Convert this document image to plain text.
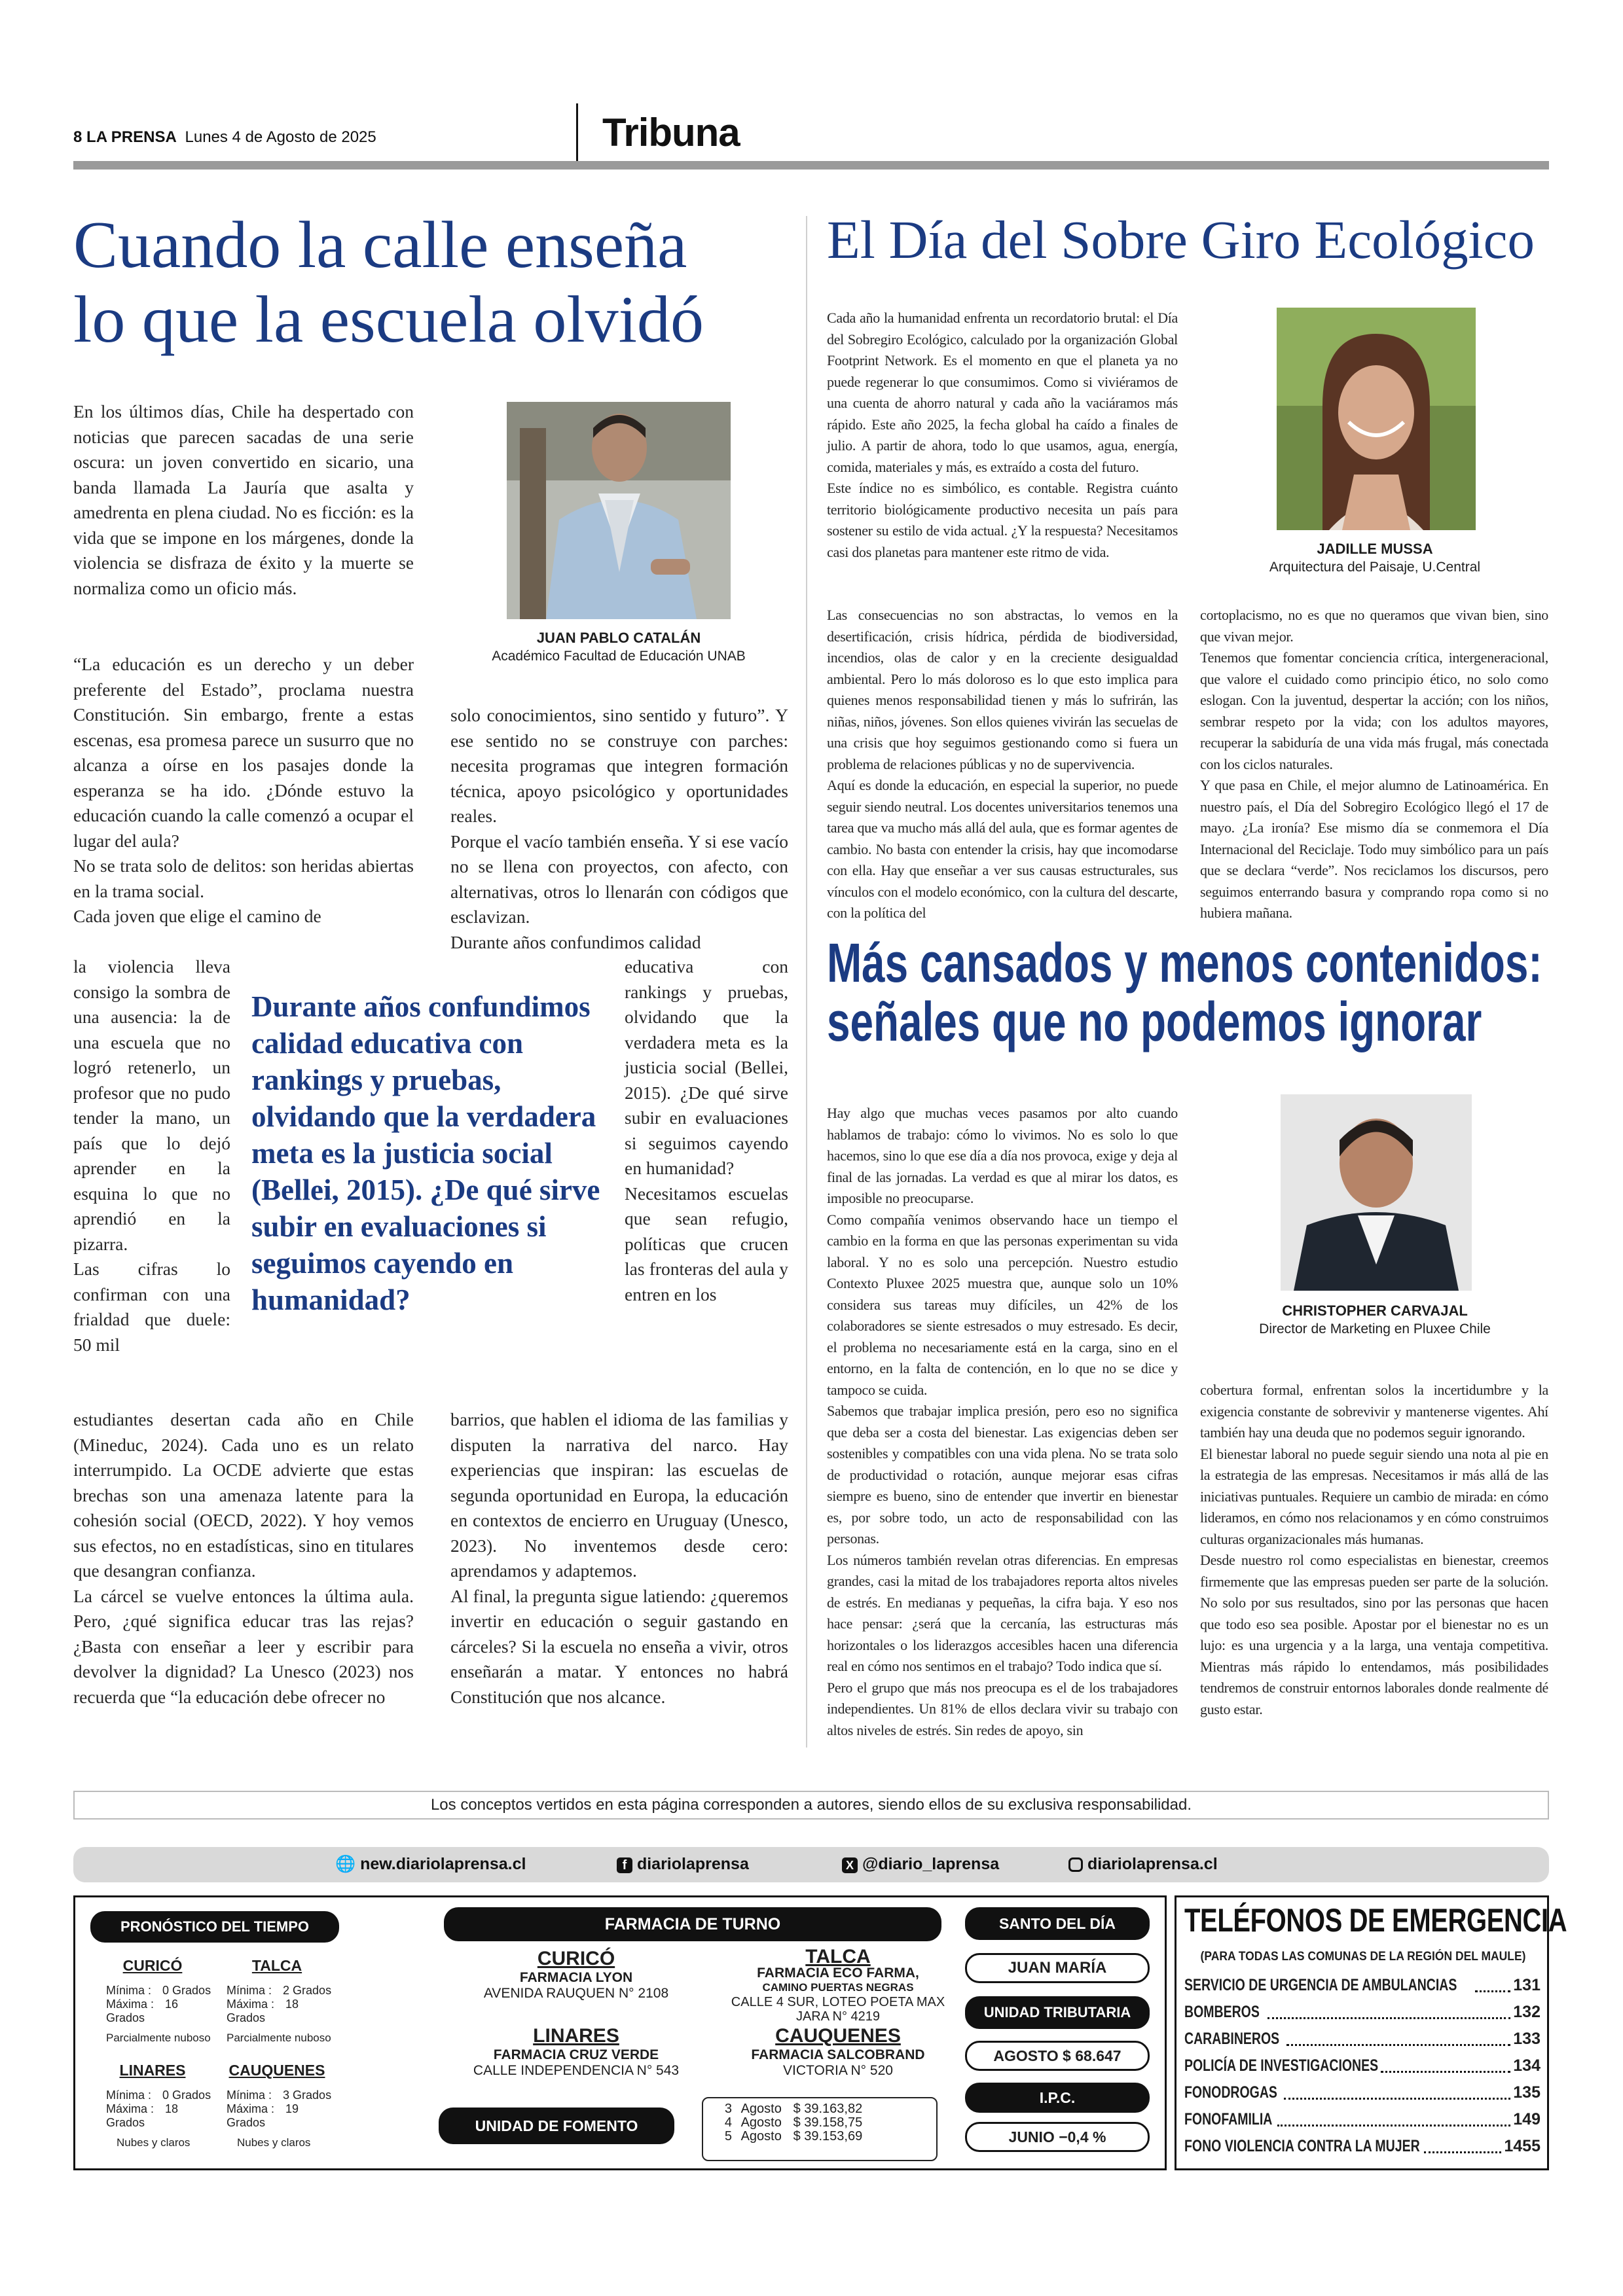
8 LA PRENSA Lunes 4 de Agosto de 2025	Tribuna
Cuando la calle enseña
lo que la escuela olvidó
JUAN PABLO CATALÁN
Académico Facultad de Educación UNAB

En los últimos días, Chile ha despertado con noticias que parecen sacadas de una serie oscura: un joven convertido en sicario, una banda llamada La Jauría que asalta y amedrenta en plena ciudad. No es ficción: es la vida que se impone en los márgenes, donde la violencia se disfraza de éxito y la muerte se normaliza como un oficio más.

“La educación es un derecho y un deber preferente del Estado”, proclama nuestra Constitución. Sin embargo, frente a estas escenas, esa promesa parece un susurro que no alcanza a oírse en los pasajes donde la esperanza se ha ido. ¿Dónde estuvo la educación cuando la calle comenzó a ocupar el lugar del aula?

No se trata solo de delitos: son heridas abiertas en la trama social.

Cada joven que elige el camino de

la violencia lleva consigo la sombra de una ausencia: la de una escuela que no logró retenerlo, un profesor que no pudo tender la mano, un país que lo dejó aprender en la esquina lo que no aprendió en la pizarra.

Las cifras lo confirman con una frialdad que duele: 50 mil

estudiantes desertan cada año en Chile (Mineduc, 2024). Cada uno es un relato interrumpido. La OCDE advierte que estas brechas son una amenaza latente para la cohesión social (OECD, 2022). Y hoy vemos sus efectos, no en estadísticas, sino en titulares que desangran confianza.

La cárcel se vuelve entonces la última aula. Pero, ¿qué significa educar tras las rejas? ¿Basta con enseñar a leer y escribir para devolver la dignidad? La Unesco (2023) nos recuerda que “la educación debe ofrecer no

solo conocimientos, sino sentido y futuro”. Y ese sentido no se construye con parches: necesita programas que integren formación técnica, apoyo psicológico y oportunidades reales.

Porque el vacío también enseña. Y si ese vacío no se llena con proyectos, con afecto, con alternativas, otros lo llenarán con códigos que esclavizan.

Durante años confundimos calidad

educativa con rankings y pruebas, olvidando que la verdadera meta es la justicia social (Bellei, 2015). ¿De qué sirve subir en evaluaciones si seguimos cayendo en humanidad?

Necesitamos escuelas que sean refugio, políticas que crucen las fronteras del aula y entren en los

barrios, que hablen el idioma de las familias y disputen la narrativa del narco. Hay experiencias que inspiran: las escuelas de segunda oportunidad en Europa, la educación en contextos de encierro en Uruguay (Unesco, 2023). No inventemos desde cero: aprendamos y adaptemos.

Al final, la pregunta sigue latiendo: ¿queremos invertir en educación o seguir gastando en cárceles? Si la escuela no enseña a vivir, otros enseñarán a matar. Y entonces no habrá Constitución que nos alcance.

Durante años confundimos calidad educativa con rankings y pruebas, olvidando que la verdadera meta es la justicia social (Bellei, 2015). ¿De qué sirve subir en evaluaciones si seguimos cayendo en humanidad?
El Día del Sobre Giro Ecológico
JADILLE MUSSA
Arquitectura del Paisaje, U.Central

Cada año la humanidad enfrenta un recordatorio brutal: el Día del Sobregiro Ecológico, calculado por la organización Global Footprint Network. Es el momento en que el planeta ya no puede regenerar lo que consumimos. Como si viviéramos de una cuenta de ahorro natural y cada año la vaciáramos más rápido. Este año 2025, la fecha global ha caído a finales de julio. A partir de ahora, todo lo que usamos, agua, energía, comida, materiales y más, es extraído a costa del futuro.

Este índice no es simbólico, es contable. Registra cuánto territorio biológicamente productivo necesita un país para sostener su estilo de vida actual. ¿Y la respuesta? Necesitamos casi dos planetas para mantener este ritmo de vida.

Las consecuencias no son abstractas, lo vemos en la desertificación, crisis hídrica, pérdida de biodiversidad, incendios, olas de calor y en la creciente desigualdad ambiental. Pero lo más doloroso es lo que esto implica para quienes menos responsabilidad tienen y más lo sufrirán, las niñas, niños, jóvenes. Son ellos quienes vivirán las secuelas de una crisis que hoy seguimos gestionando como si fuera un problema de relaciones públicas y no de supervivencia.

Aquí es donde la educación, en especial la superior, no puede seguir siendo neutral. Los docentes universitarios tenemos una tarea que va mucho más allá del aula, que es formar agentes de cambio. No basta con entender la crisis, hay que incomodarse con ella. Hay que enseñar a ver sus causas estructurales, sus vínculos con el modelo económico, con la cultura del descarte, con la política del

cortoplacismo, no es que no queramos que vivan bien, sino que vivan mejor.

Tenemos que fomentar conciencia crítica, intergeneracional, que valore el cuidado como principio ético, no solo como eslogan. Con la juventud, despertar la acción; con los niños, sembrar respeto por la vida; con los adultos mayores, recuperar la sabiduría de una vida más frugal, más conectada con los ciclos naturales.

Y que pasa en Chile, el mejor alumno de Latinoamérica. En nuestro país, el Día del Sobregiro Ecológico llegó el 17 de mayo. ¿La ironía? Ese mismo día se conmemora el Día Internacional del Reciclaje. Todo muy simbólico para un país que se declara “verde”. Nos reciclamos los discursos, pero seguimos enterrando basura y comprando ropa como si no hubiera mañana.

Más cansados y menos contenidos:
señales que no podemos ignorar
CHRISTOPHER CARVAJAL
Director de Marketing en Pluxee Chile

Hay algo que muchas veces pasamos por alto cuando hablamos de trabajo: cómo lo vivimos. No es solo lo que hacemos, sino lo que ese día a día nos provoca, exige y deja al final de las jornadas. La verdad es que al mirar los datos, es imposible no preocuparse.

Como compañía venimos observando hace un tiempo el cambio en la forma en que las personas experimentan su vida laboral. Y no es solo una percepción. Nuestro estudio Contexto Pluxee 2025 muestra que, aunque solo un 10% considera sus tareas muy difíciles, un 42% de los colaboradores se siente estresados o muy estresado. Es decir, el problema no necesariamente está en la carga, sino en el entorno, en la falta de contención, en lo que no se dice y tampoco se cuida.

Sabemos que trabajar implica presión, pero eso no significa que deba ser a costa del bienestar. Las exigencias deben ser sostenibles y compatibles con una vida plena. No se trata solo de productividad o rotación, aunque mejorar esas cifras siempre es bueno, sino de entender que invertir en bienestar es, por sobre todo, un acto de responsabilidad con las personas.

Los números también revelan otras diferencias. En empresas grandes, casi la mitad de los trabajadores reporta altos niveles de estrés. En medianas y pequeñas, la cifra baja. Y eso nos hace pensar: ¿será que la cercanía, las estructuras más horizontales o los liderazgos accesibles hacen una diferencia real en cómo nos sentimos en el trabajo? Todo indica que sí.

Pero el grupo que más nos preocupa es el de los trabajadores independientes. Un 81% de ellos declara vivir su trabajo con altos niveles de estrés. Sin redes de apoyo, sin

cobertura formal, enfrentan solos la incertidumbre y la exigencia constante de sobrevivir y mantenerse vigentes. Ahí también hay una deuda que no podemos seguir ignorando.

El bienestar laboral no puede seguir siendo una nota al pie en la estrategia de las empresas. Necesitamos ir más allá de las iniciativas puntuales. Requiere un cambio de mirada: en cómo lideramos, en cómo nos relacionamos y en cómo construimos culturas organizacionales más humanas.

Desde nuestro rol como especialistas en bienestar, creemos firmemente que las empresas pueden ser parte de la solución. No solo por sus resultados, sino por las personas que hacen que todo eso sea posible. Apostar por el bienestar no es un lujo: es una urgencia y a la larga, una ventaja competitiva. Mientras más rápido lo entendamos, más posibilidades tendremos de construir entornos laborales donde realmente dé gusto estar.

Los conceptos vertidos en esta página corresponden a autores, siendo ellos de su exclusiva responsabilidad.
🌐 new.diariolaprensa.cl	f diariolaprensa	X @diario_laprensa	diariolaprensa.cl
PRONÓSTICO DEL TIEMPO
CURICÓ
Mínima : 0 Grados
Máxima : 16 Grados
Parcialmente nuboso
TALCA
Mínima : 2 Grados
Máxima : 18 Grados
Parcialmente nuboso
LINARES
Mínima : 0 Grados
Máxima : 18 Grados
Nubes y claros
CAUQUENES
Mínima : 3 Grados
Máxima : 19 Grados
Nubes y claros
FARMACIA DE TURNO
CURICÓ
FARMACIA LYON
AVENIDA RAUQUEN N° 2108
TALCA
FARMACIA ECO FARMA,
CAMINO PUERTAS NEGRAS
CALLE 4 SUR, LOTEO POETA MAX
JARA N° 4219
LINARES
FARMACIA CRUZ VERDE
CALLE INDEPENDENCIA N° 543
CAUQUENES
FARMACIA SALCOBRAND
VICTORIA N° 520
UNIDAD DE FOMENTO
3 Agosto $ 39.163,82
4 Agosto $ 39.158,75
5 Agosto $ 39.153,69
SANTO DEL DÍA
JUAN MARÍA
UNIDAD TRIBUTARIA
AGOSTO $ 68.647
I.P.C.
JUNIO −0,4 %
TELÉFONOS DE EMERGENCIA
(PARA TODAS LAS COMUNAS DE LA REGIÓN DEL MAULE)
SERVICIO DE URGENCIA DE AMBULANCIAS	131
BOMBEROS	132
CARABINEROS	133
POLICÍA DE INVESTIGACIONES	134
FONODROGAS	135
FONOFAMILIA	149
FONO VIOLENCIA CONTRA LA MUJER	1455
